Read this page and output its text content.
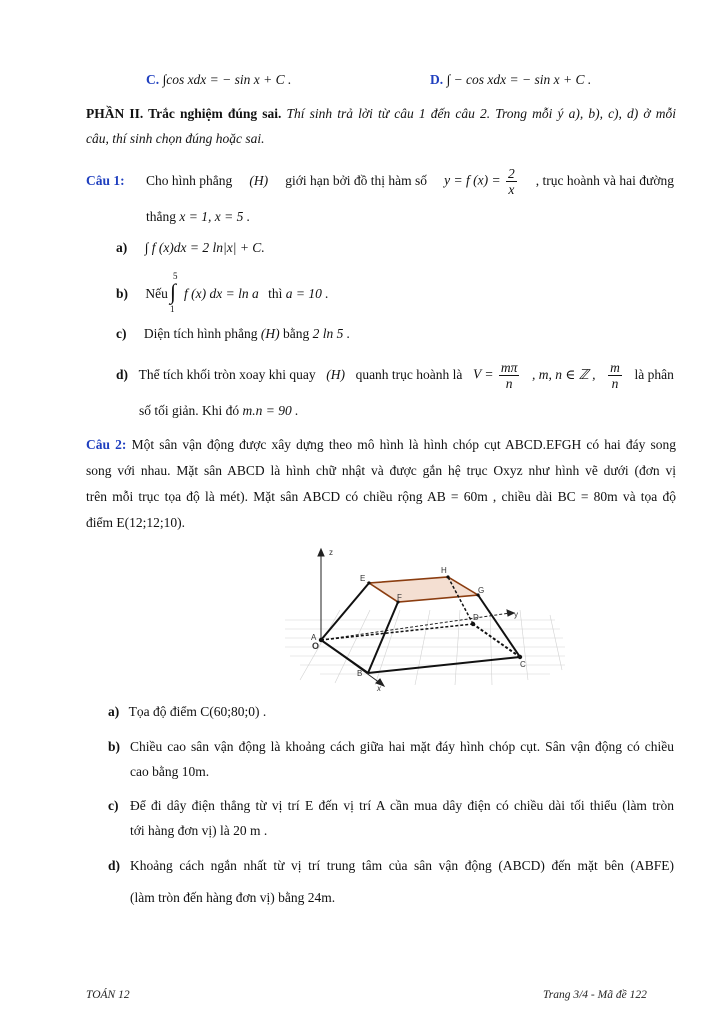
C. ∫cos xdx = − sin x + C .	D. ∫ − cos xdx = − sin x + C .
PHẦN II. Trắc nghiệm đúng sai. Thí sinh trả lời từ câu 1 đến câu 2. Trong mỗi ý a), b), c), d) ở mỗi
câu, thí sinh chọn đúng hoặc sai.
Câu 1: Cho hình phẳng (H) giới hạn bởi đồ thị hàm số y = f $(x) = \frac{2}{x}$ , trục hoành và hai đường
thẳng x = 1, x = 5 .
a) ∫ f (x)dx = 2 ln|x| + C.
b) Nếu
5
∫
1
f (x) dx = ln a thì a = 10 .
c) Diện tích hình phẳng (H) bằng 2 ln 5 .
d) Thể tích khối tròn xoay khi quay (H) quanh trục hoành là $V = \frac{m\pi}{n}$ , m, n ∈ ℤ , $\frac{m}{n}$ là phân
số tối giản. Khi đó m.n = 90 .
Câu 2: Một sân vận động được xây dựng theo mô hình là hình chóp cụt ABCD.EFGH có hai đáy song
song với nhau. Mặt sân ABCD là hình chữ nhật và được gắn hệ trục Oxyz như hình vẽ dưới (đơn vị
trên mỗi trục tọa độ là mét). Mặt sân ABCD có chiều rộng AB = 60m , chiều dài BC = 80m và tọa độ
điểm E(12;12;10).
z
E
H
F
G
D	y
A
O
B
C
x
a) Tọa độ điểm C(60;80;0) .
b) Chiều cao sân vận động là khoảng cách giữa hai mặt đáy hình chóp cụt. Sân vận động có chiều
cao bằng 10m.
c) Để đi dây điện thẳng từ vị trí E đến vị trí A cần mua dây điện có chiều dài tối thiểu (làm tròn
tới hàng đơn vị) là 20 m .
d) Khoảng cách ngắn nhất từ vị trí trung tâm của sân vận động (ABCD) đến mặt bên (ABFE)
(làm tròn đến hàng đơn vị) bằng 24m.
TOÁN 12	Trang 3/4 - Mã đề 122
